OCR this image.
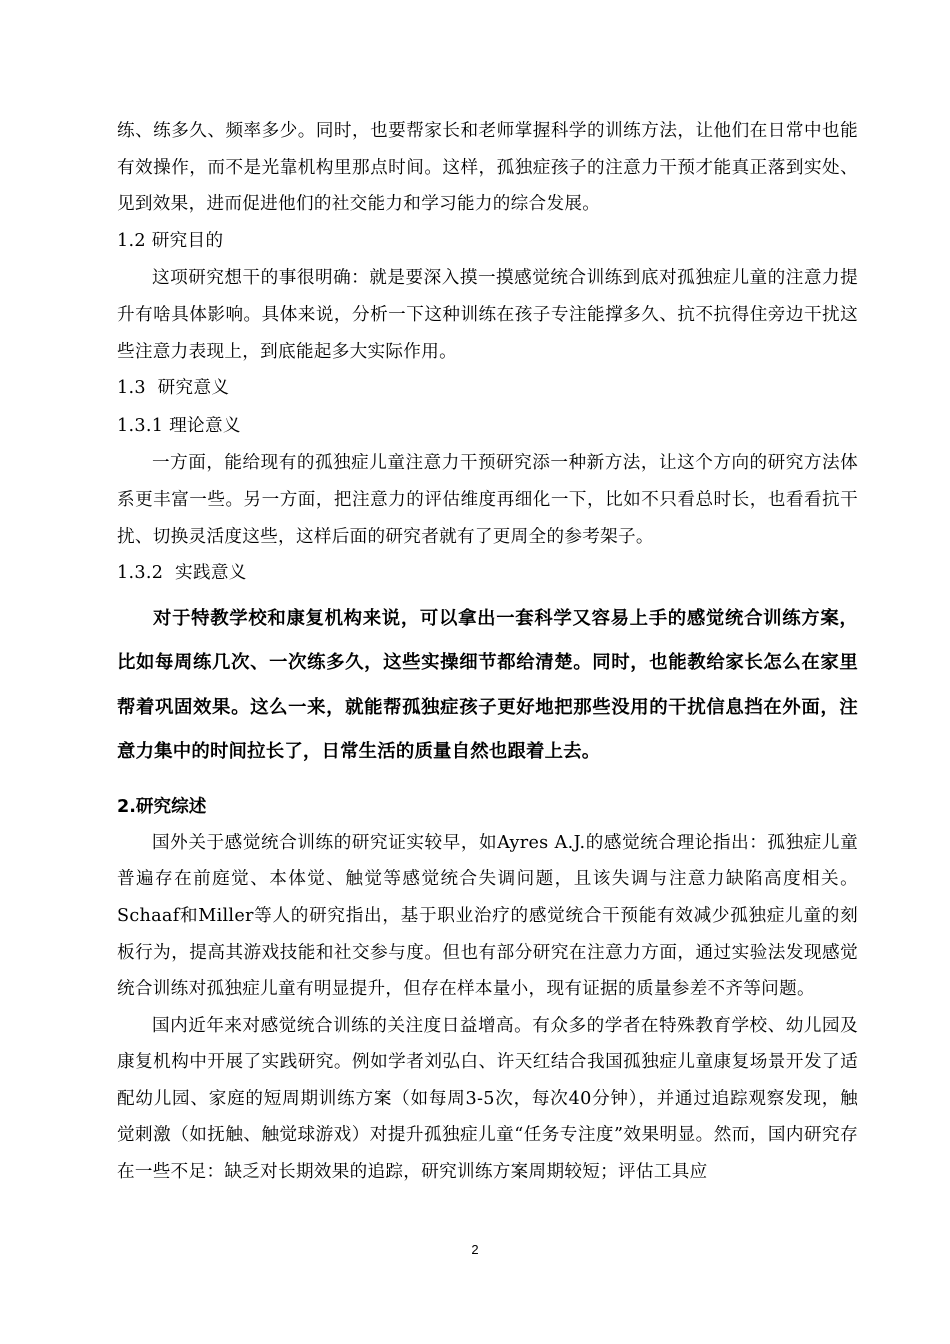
练、练多久、频率多少。同时，也要帮家长和老师掌握科学的训练方法，让他们在日常中也能有效操作，而不是光靠机构里那点时间。这样，孤独症孩子的注意力干预才能真正落到实处、见到效果，进而促进他们的社交能力和学习能力的综合发展。

1.2 研究目的

这项研究想干的事很明确：就是要深入摸一摸感觉统合训练到底对孤独症儿童的注意力提升有啥具体影响。具体来说，分析一下这种训练在孩子专注能撑多久、抗不抗得住旁边干扰这些注意力表现上，到底能起多大实际作用。

1.3  研究意义

1.3.1 理论意义

一方面，能给现有的孤独症儿童注意力干预研究添一种新方法，让这个方向的研究方法体系更丰富一些。另一方面，把注意力的评估维度再细化一下，比如不只看总时长，也看看抗干扰、切换灵活度这些，这样后面的研究者就有了更周全的参考架子。

1.3.2  实践意义

对于特教学校和康复机构来说，可以拿出一套科学又容易上手的感觉统合训练方案，比如每周练几次、一次练多久，这些实操细节都给清楚。同时，也能教给家长怎么在家里帮着巩固效果。这么一来，就能帮孤独症孩子更好地把那些没用的干扰信息挡在外面，注意力集中的时间拉长了，日常生活的质量自然也跟着上去。

2.研究综述

国外关于感觉统合训练的研究证实较早，如Ayres A.J.的感觉统合理论指出：孤独症儿童普遍存在前庭觉、本体觉、触觉等感觉统合失调问题，且该失调与注意力缺陷高度相关。Schaaf和Miller等人的研究指出，基于职业治疗的感觉统合干预能有效减少孤独症儿童的刻板行为，提高其游戏技能和社交参与度。但也有部分研究在注意力方面，通过实验法发现感觉统合训练对孤独症儿童有明显提升，但存在样本量小，现有证据的质量参差不齐等问题。

国内近年来对感觉统合训练的关注度日益增高。有众多的学者在特殊教育学校、幼儿园及康复机构中开展了实践研究。例如学者刘弘白、许天红结合我国孤独症儿童康复场景开发了适配幼儿园、家庭的短周期训练方案（如每周3-5次，每次40分钟），并通过追踪观察发现，触觉刺激（如抚触、触觉球游戏）对提升孤独症儿童“任务专注度”效果明显。然而，国内研究存在一些不足：缺乏对长期效果的追踪，研究训练方案周期较短；评估工具应

2
